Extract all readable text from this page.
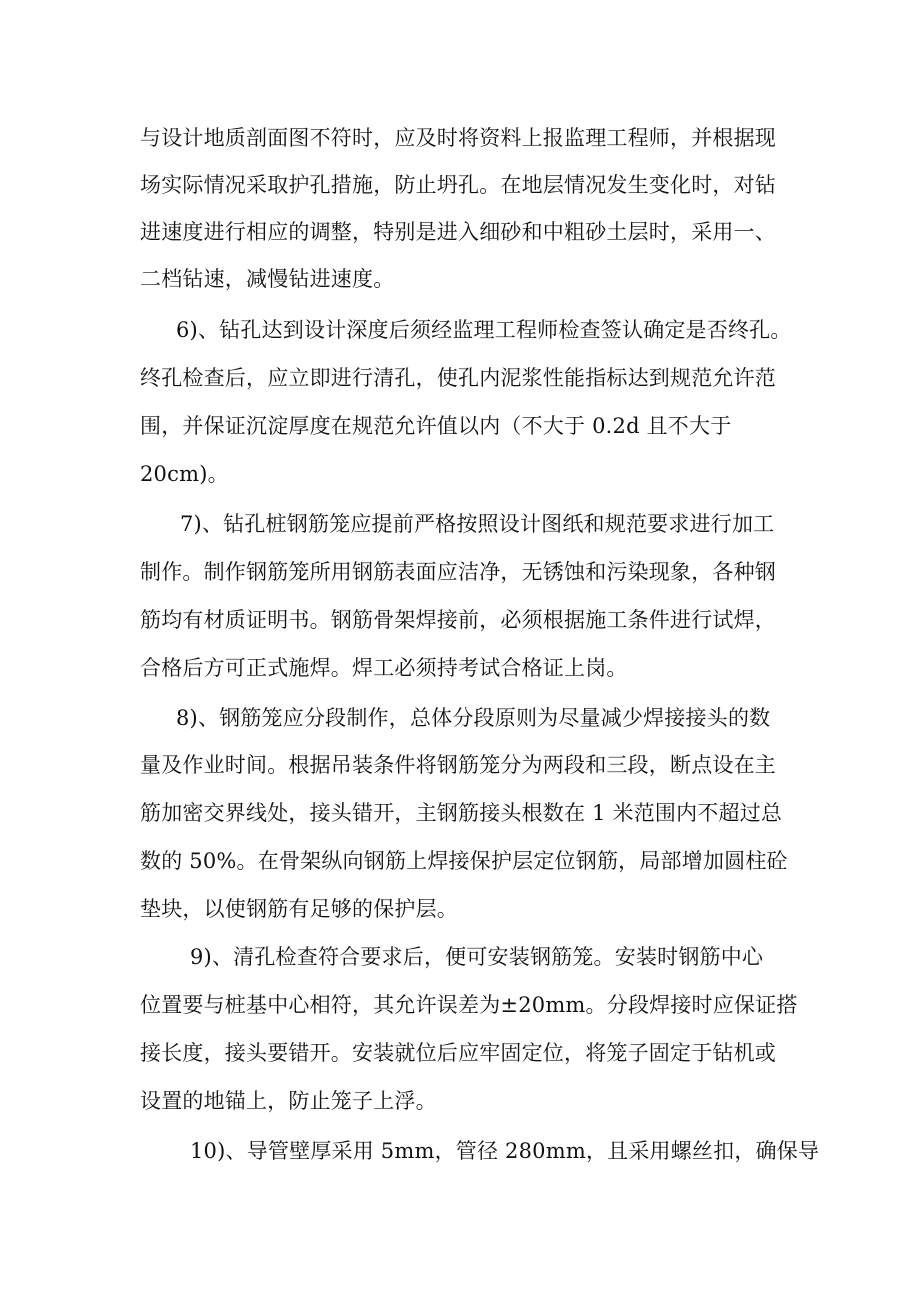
与设计地质剖面图不符时，应及时将资料上报监理工程师，并根据现
场实际情况采取护孔措施，防止坍孔。在地层情况发生变化时，对钻
进速度进行相应的调整，特别是进入细砂和中粗砂土层时，采用一、
二档钻速，减慢钻进速度。
6)、钻孔达到设计深度后须经监理工程师检查签认确定是否终孔。
终孔检查后，应立即进行清孔，使孔内泥浆性能指标达到规范允许范
围，并保证沉淀厚度在规范允许值以内（不大于 0.2d 且不大于
20cm)。
7)、钻孔桩钢筋笼应提前严格按照设计图纸和规范要求进行加工
制作。制作钢筋笼所用钢筋表面应洁净，无锈蚀和污染现象，各种钢
筋均有材质证明书。钢筋骨架焊接前，必须根据施工条件进行试焊，
合格后方可正式施焊。焊工必须持考试合格证上岗。
8)、钢筋笼应分段制作，总体分段原则为尽量减少焊接接头的数
量及作业时间。根据吊装条件将钢筋笼分为两段和三段，断点设在主
筋加密交界线处，接头错开，主钢筋接头根数在 1 米范围内不超过总
数的 50%。在骨架纵向钢筋上焊接保护层定位钢筋，局部增加圆柱砼
垫块，以使钢筋有足够的保护层。
9)、清孔检查符合要求后，便可安装钢筋笼。安装时钢筋中心
位置要与桩基中心相符，其允许误差为±20mm。分段焊接时应保证搭
接长度，接头要错开。安装就位后应牢固定位，将笼子固定于钻机或
设置的地锚上，防止笼子上浮。
10)、导管壁厚采用 5mm，管径 280mm，且采用螺丝扣，确保导
